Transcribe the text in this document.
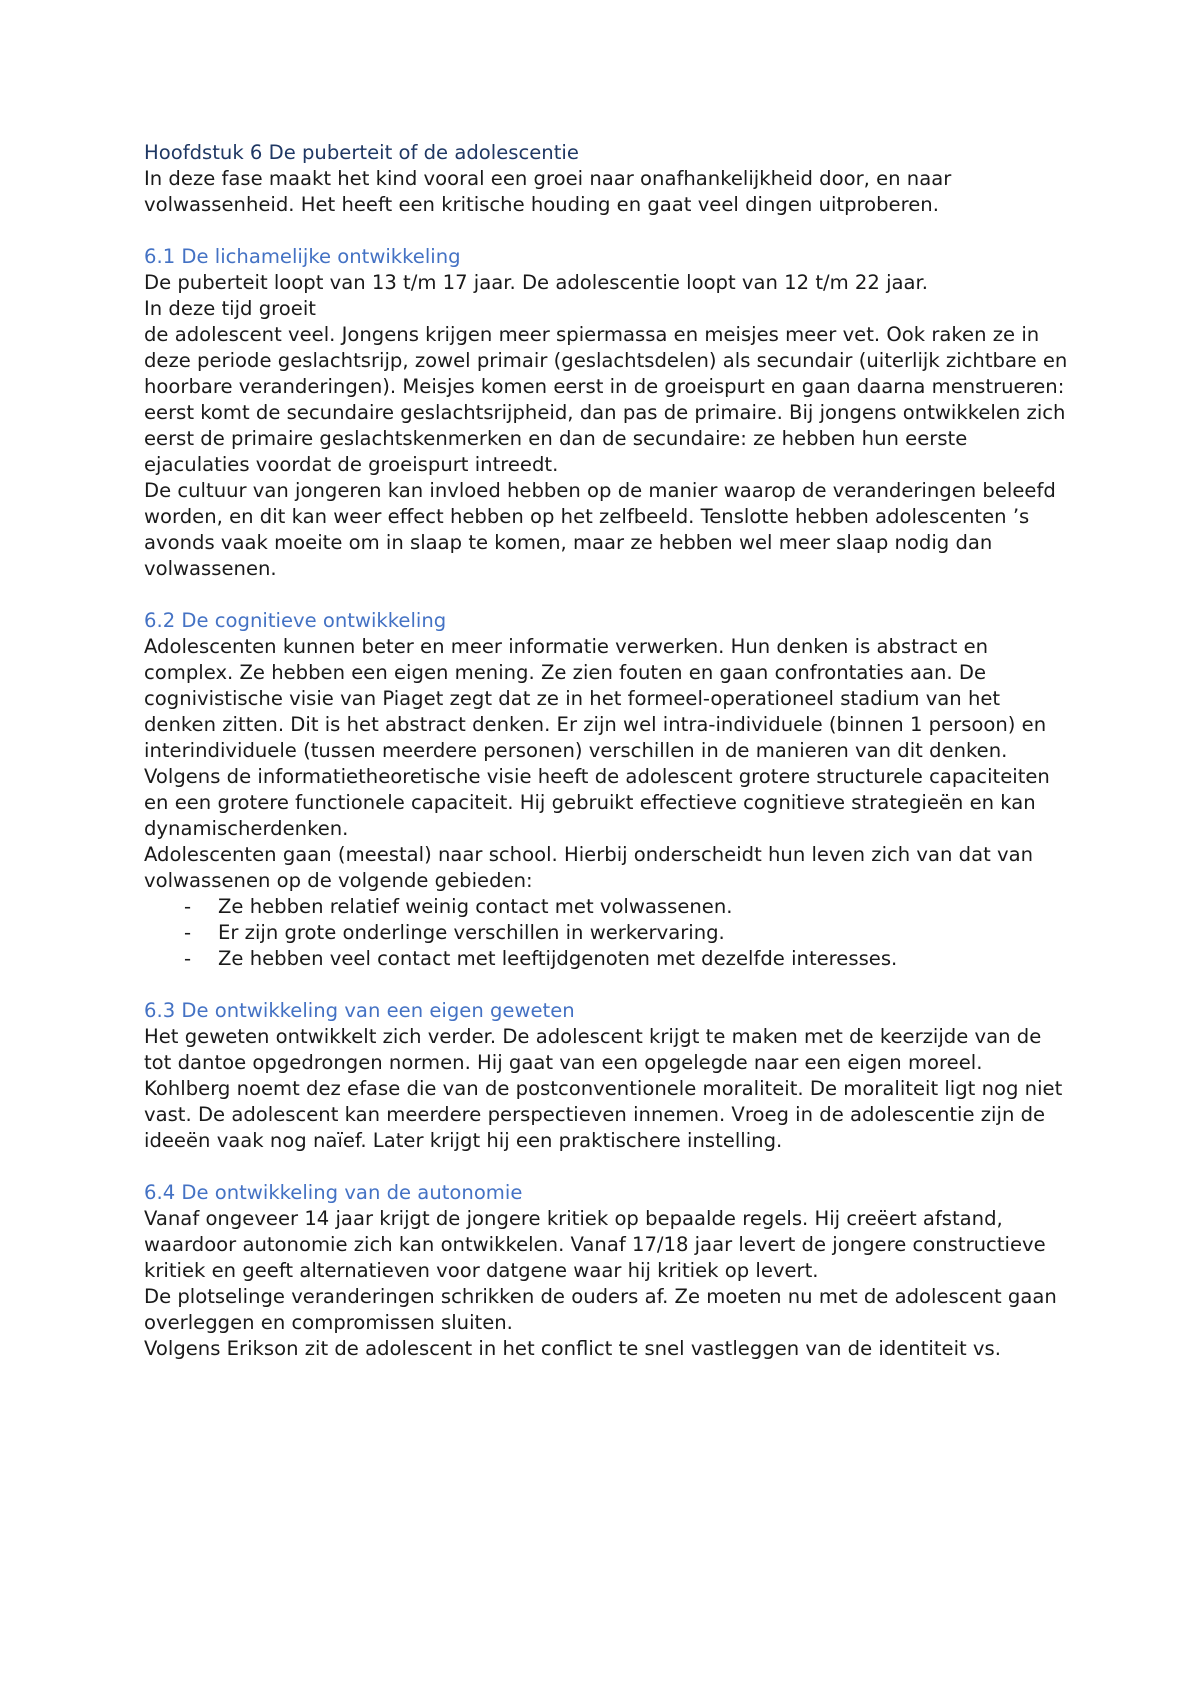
Hoofdstuk 6 De puberteit of de adolescentie

In deze fase maakt het kind vooral een groei naar onafhankelijkheid door, en naar volwassenheid. Het heeft een kritische houding en gaat veel dingen uitproberen.

6.1 De lichamelijke ontwikkeling

De puberteit loopt van 13 t/m 17 jaar. De adolescentie loopt van 12 t/m 22 jaar.
In deze tijd groeit
de adolescent veel. Jongens krijgen meer spiermassa en meisjes meer vet. Ook raken ze in deze periode geslachtsrijp, zowel primair (geslachtsdelen) als secundair (uiterlijk zichtbare en hoorbare veranderingen). Meisjes komen eerst in de groeispurt en gaan daarna menstrueren: eerst komt de secundaire geslachtsrijpheid, dan pas de primaire. Bij jongens ontwikkelen zich eerst de primaire geslachtskenmerken en dan de secundaire: ze hebben hun eerste ejaculaties voordat de groeispurt intreedt.

De cultuur van jongeren kan invloed hebben op de manier waarop de veranderingen beleefd worden, en dit kan weer effect hebben op het zelfbeeld. Tenslotte hebben adolescenten ’s avonds vaak moeite om in slaap te komen, maar ze hebben wel meer slaap nodig dan volwassenen.

6.2 De cognitieve ontwikkeling

Adolescenten kunnen beter en meer informatie verwerken. Hun denken is abstract en complex. Ze hebben een eigen mening. Ze zien fouten en gaan confrontaties aan. De cognivistische visie van Piaget zegt dat ze in het formeel-operationeel stadium van het denken zitten. Dit is het abstract denken. Er zijn wel intra-individuele (binnen 1 persoon) en interindividuele (tussen meerdere personen) verschillen in de manieren van dit denken.

Volgens de informatietheoretische visie heeft de adolescent grotere structurele capaciteiten en een grotere functionele capaciteit. Hij gebruikt effectieve cognitieve strategieën en kan dynamischerdenken.

Adolescenten gaan (meestal) naar school. Hierbij onderscheidt hun leven zich van dat van
volwassenen op de volgende gebieden:

- Ze hebben relatief weinig contact met volwassenen.
- Er zijn grote onderlinge verschillen in werkervaring.
- Ze hebben veel contact met leeftijdgenoten met dezelfde interesses.
6.3 De ontwikkeling van een eigen geweten

Het geweten ontwikkelt zich verder. De adolescent krijgt te maken met de keerzijde van de tot dantoe opgedrongen normen. Hij gaat van een opgelegde naar een eigen moreel. Kohlberg noemt dez efase die van de postconventionele moraliteit. De moraliteit ligt nog niet vast. De adolescent kan meerdere perspectieven innemen. Vroeg in de adolescentie zijn de ideeën vaak nog naïef. Later krijgt hij een praktischere instelling.

6.4 De ontwikkeling van de autonomie

Vanaf ongeveer 14 jaar krijgt de jongere kritiek op bepaalde regels. Hij creëert afstand, waardoor autonomie zich kan ontwikkelen. Vanaf 17/18 jaar levert de jongere constructieve kritiek en geeft alternatieven voor datgene waar hij kritiek op levert.

De plotselinge veranderingen schrikken de ouders af. Ze moeten nu met de adolescent gaan
overleggen en compromissen sluiten.

Volgens Erikson zit de adolescent in het conflict te snel vastleggen van de identiteit vs.
